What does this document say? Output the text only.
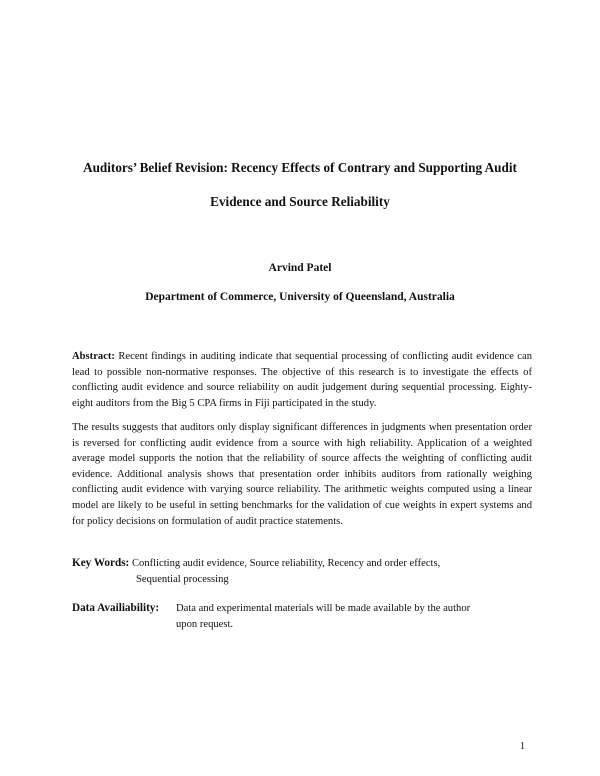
Auditors’ Belief Revision: Recency Effects of Contrary and Supporting Audit
Evidence and Source Reliability
Arvind Patel
Department of Commerce, University of Queensland, Australia
Abstract: Recent findings in auditing indicate that sequential processing of conflicting audit evidence can lead to possible non-normative responses. The objective of this research is to investigate the effects of conflicting audit evidence and source reliability on audit judgement during sequential processing. Eighty-eight auditors from the Big 5 CPA firms in Fiji participated in the study.
The results suggests that auditors only display significant differences in judgments when presentation order is reversed for conflicting audit evidence from a source with high reliability. Application of a weighted average model supports the notion that the reliability of source affects the weighting of conflicting audit evidence. Additional analysis shows that presentation order inhibits auditors from rationally weighing conflicting audit evidence with varying source reliability. The arithmetic weights computed using a linear model are likely to be useful in setting benchmarks for the validation of cue weights in expert systems and for policy decisions on formulation of audit practice statements.
Key Words: Conflicting audit evidence, Source reliability, Recency and order effects,
Sequential processing
Data Availiability: Data and experimental materials will be made available by the author
upon request.
1
